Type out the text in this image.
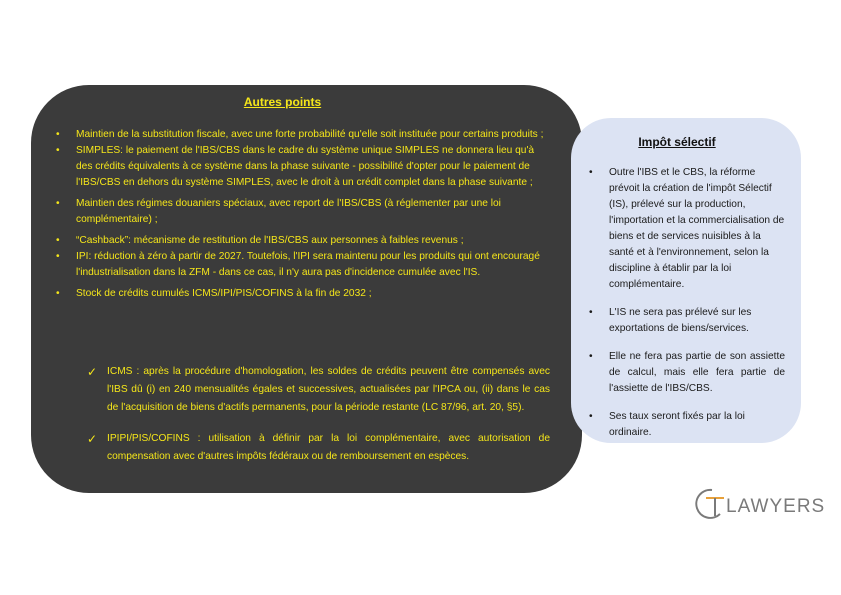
Autres points
• Maintien de la substitution fiscale, avec une forte probabilité qu'elle soit instituée pour certains produits ;
• SIMPLES: le paiement de l'IBS/CBS dans le cadre du système unique SIMPLES ne donnera lieu qu'à des crédits équivalents à ce système dans la phase suivante - possibilité d'opter pour le paiement de l'IBS/CBS en dehors du système SIMPLES, avec le droit à un crédit complet dans la phase suivante ;
• Maintien des régimes douaniers spéciaux, avec report de l'IBS/CBS (à réglementer par une loi complémentaire) ;
• “Cashback”: mécanisme de restitution de l'IBS/CBS aux personnes à faibles revenus ;
• IPI: réduction à zéro à partir de 2027. Toutefois, l'IPI sera maintenu pour les produits qui ont encouragé l'industrialisation dans la ZFM - dans ce cas, il n'y aura pas d'incidence cumulée avec l'IS.
• Stock de crédits cumulés ICMS/IPI/PIS/COFINS à la fin de 2032 ;
✓ ICMS : après la procédure d'homologation, les soldes de crédits peuvent être compensés avec l'IBS dû (i) en 240 mensualités égales et successives, actualisées par l'IPCA ou, (ii) dans le cas de l'acquisition de biens d'actifs permanents, pour la période restante (LC 87/96, art. 20, §5).
✓ IPIPI/PIS/COFINS : utilisation à définir par la loi complémentaire, avec autorisation de compensation avec d'autres impôts fédéraux ou de remboursement en espèces.
Impôt sélectif
• Outre l'IBS et le CBS, la réforme prévoit la création de l'impôt Sélectif (IS), prélevé sur la production, l'importation et la commercialisation de biens et de services nuisibles à la santé et à l'environnement, selon la discipline à établir par la loi complémentaire.
• L'IS ne sera pas prélevé sur les exportations de biens/services.
• Elle ne fera pas partie de son assiette de calcul, mais elle fera partie de l'assiette de l'IBS/CBS.
• Ses taux seront fixés par la loi ordinaire.
LAWYERS
